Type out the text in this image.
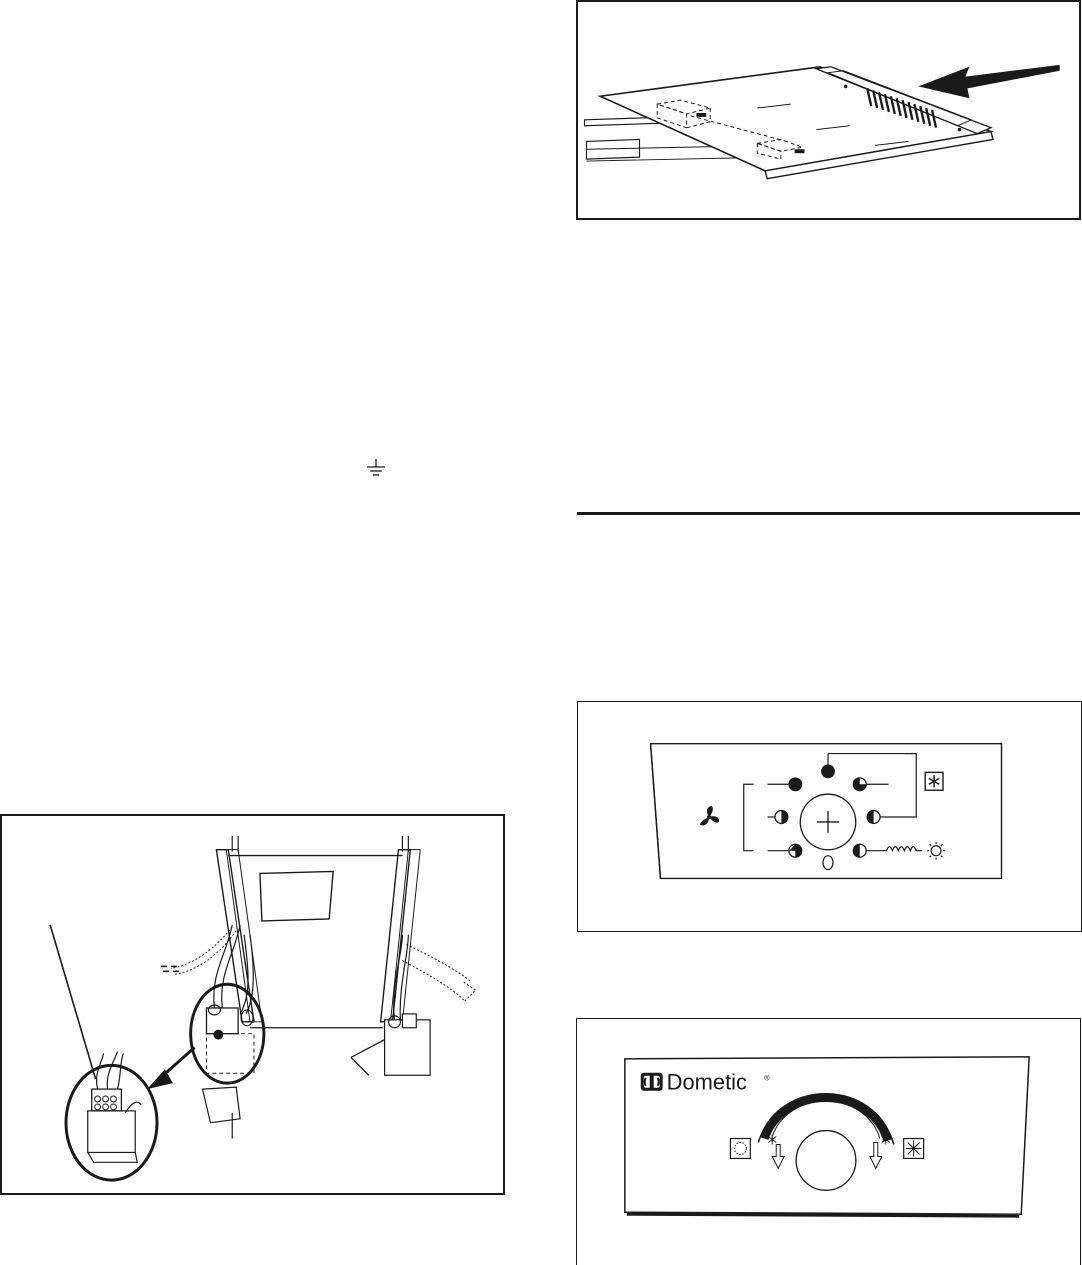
Dometic ®
